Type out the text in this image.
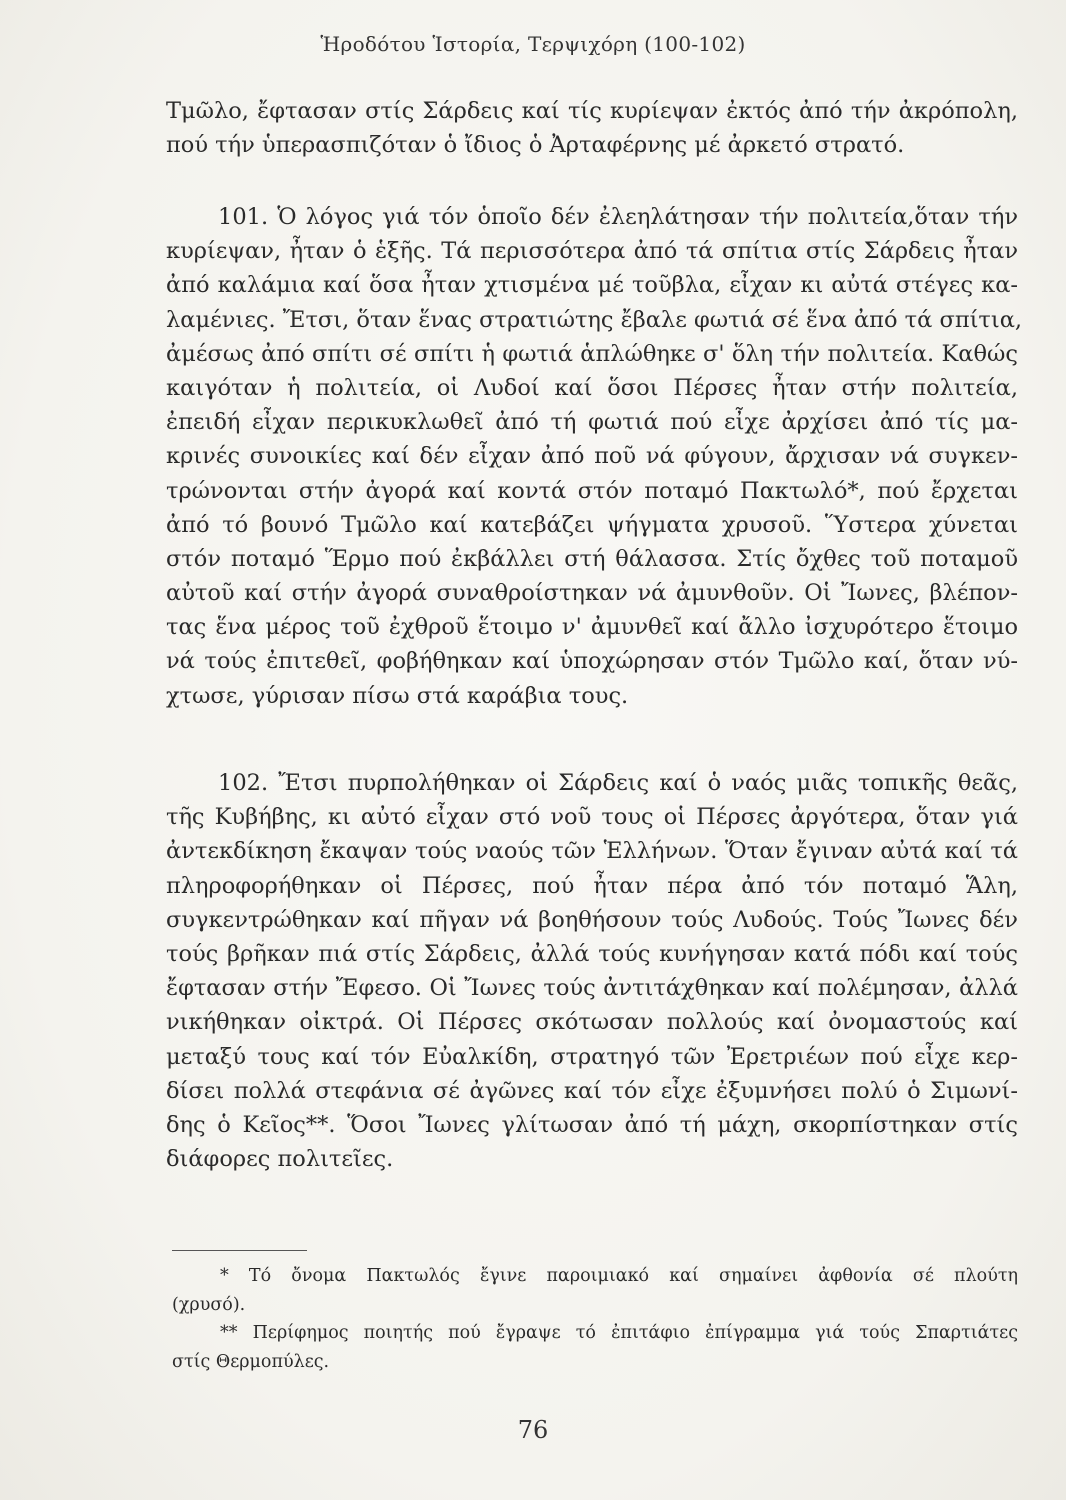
Ἡροδότου Ἱστορία, Τερψιχόρη (100-102)
Τμῶλο, ἔφτασαν στίς Σάρδεις καί τίς κυρίεψαν ἐκτός ἀπό τήν ἀκρόπολη,
πού τήν ὑπερασπιζόταν ὁ ἴδιος ὁ Ἀρταφέρνης μέ ἀρκετό στρατό.
101. Ὁ λόγος γιά τόν ὁποῖο δέν ἐλεηλάτησαν τήν πολιτεία,ὅταν τήν
κυρίεψαν, ἦταν ὁ ἑξῆς. Τά περισσότερα ἀπό τά σπίτια στίς Σάρδεις ἦταν
ἀπό καλάμια καί ὅσα ἦταν χτισμένα μέ τοῦβλα, εἶχαν κι αὐτά στέγες κα-
λαμένιες. Ἔτσι, ὅταν ἕνας στρατιώτης ἔβαλε φωτιά σέ ἕνα ἀπό τά σπίτια,
ἀμέσως ἀπό σπίτι σέ σπίτι ἡ φωτιά ἁπλώθηκε σ' ὅλη τήν πολιτεία. Καθώς
καιγόταν ἡ πολιτεία, οἱ Λυδοί καί ὅσοι Πέρσες ἦταν στήν πολιτεία,
ἐπειδή εἶχαν περικυκλωθεῖ ἀπό τή φωτιά πού εἶχε ἀρχίσει ἀπό τίς μα-
κρινές συνοικίες καί δέν εἶχαν ἀπό ποῦ νά φύγουν, ἄρχισαν νά συγκεν-
τρώνονται στήν ἀγορά καί κοντά στόν ποταμό Πακτωλό*, πού ἔρχεται
ἀπό τό βουνό Τμῶλο καί κατεβάζει ψήγματα χρυσοῦ. Ὕστερα χύνεται
στόν ποταμό Ἕρμο πού ἐκβάλλει στή θάλασσα. Στίς ὄχθες τοῦ ποταμοῦ
αὐτοῦ καί στήν ἀγορά συναθροίστηκαν νά ἀμυνθοῦν. Οἱ Ἴωνες, βλέπον-
τας ἕνα μέρος τοῦ ἐχθροῦ ἕτοιμο ν' ἀμυνθεῖ καί ἄλλο ἰσχυρότερο ἕτοιμο
νά τούς ἐπιτεθεῖ, φοβήθηκαν καί ὑποχώρησαν στόν Τμῶλο καί, ὅταν νύ-
χτωσε, γύρισαν πίσω στά καράβια τους.
102. Ἔτσι πυρπολήθηκαν οἱ Σάρδεις καί ὁ ναός μιᾶς τοπικῆς θεᾶς,
τῆς Κυβήβης, κι αὐτό εἶχαν στό νοῦ τους οἱ Πέρσες ἀργότερα, ὅταν γιά
ἀντεκδίκηση ἔκαψαν τούς ναούς τῶν Ἑλλήνων. Ὅταν ἔγιναν αὐτά καί τά
πληροφορήθηκαν οἱ Πέρσες, πού ἦταν πέρα ἀπό τόν ποταμό Ἅλη,
συγκεντρώθηκαν καί πῆγαν νά βοηθήσουν τούς Λυδούς. Τούς Ἴωνες δέν
τούς βρῆκαν πιά στίς Σάρδεις, ἀλλά τούς κυνήγησαν κατά πόδι καί τούς
ἔφτασαν στήν Ἔφεσο. Οἱ Ἴωνες τούς ἀντιτάχθηκαν καί πολέμησαν, ἀλλά
νικήθηκαν οἰκτρά. Οἱ Πέρσες σκότωσαν πολλούς καί ὀνομαστούς καί
μεταξύ τους καί τόν Εὐαλκίδη, στρατηγό τῶν Ἐρετριέων πού εἶχε κερ-
δίσει πολλά στεφάνια σέ ἀγῶνες καί τόν εἶχε ἐξυμνήσει πολύ ὁ Σιμωνί-
δης ὁ Κεῖος**. Ὅσοι Ἴωνες γλίτωσαν ἀπό τή μάχη, σκορπίστηκαν στίς
διάφορες πολιτεῖες.
* Τό ὄνομα Πακτωλός ἔγινε παροιμιακό καί σημαίνει ἀφθονία σέ πλούτη
(χρυσό).
** Περίφημος ποιητής πού ἔγραψε τό ἐπιτάφιο ἐπίγραμμα γιά τούς Σπαρτιάτες
στίς Θερμοπύλες.
76
